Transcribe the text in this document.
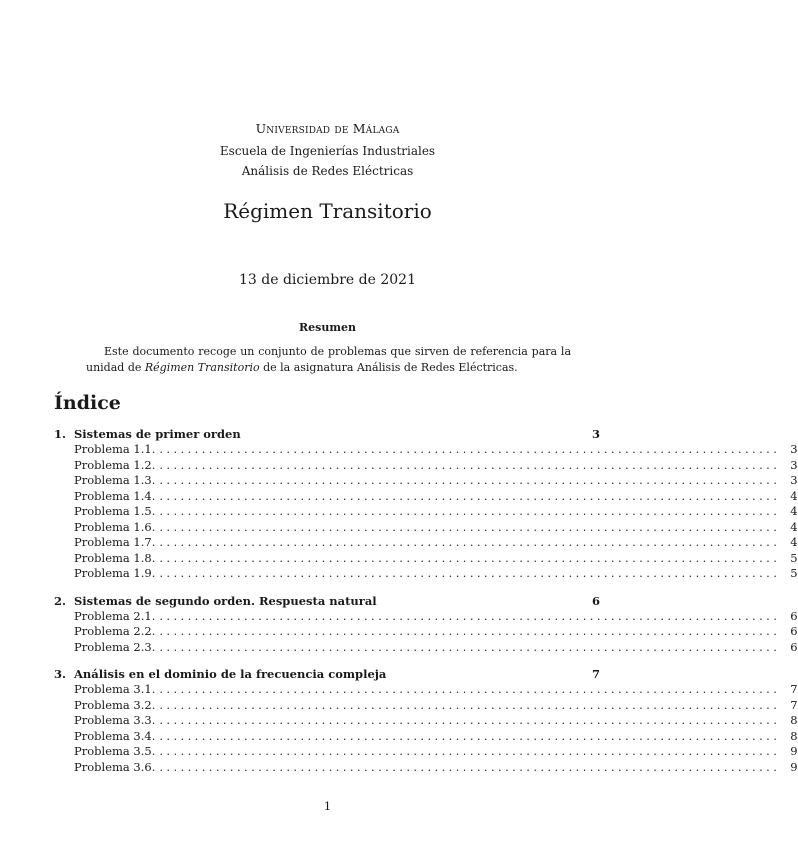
Universidad de Málaga
Escuela de Ingenierías Industriales
Análisis de Redes Eléctricas
Régimen Transitorio
13 de diciembre de 2021
Resumen
Este documento recoge un conjunto de problemas que sirven de referencia para la unidad de Régimen Transitorio de la asignatura Análisis de Redes Eléctricas.
Índice
1. Sistemas de primer orden	3
Problema 1.1. ........................................................................................ 3
Problema 1.2. ........................................................................................ 3
Problema 1.3. ........................................................................................ 3
Problema 1.4. ........................................................................................ 4
Problema 1.5. ........................................................................................ 4
Problema 1.6. ........................................................................................ 4
Problema 1.7. ........................................................................................ 4
Problema 1.8. ........................................................................................ 5
Problema 1.9. ........................................................................................ 5
2. Sistemas de segundo orden. Respuesta natural	6
Problema 2.1. ........................................................................................ 6
Problema 2.2. ........................................................................................ 6
Problema 2.3. ........................................................................................ 6
3. Análisis en el dominio de la frecuencia compleja	7
Problema 3.1. ........................................................................................ 7
Problema 3.2. ........................................................................................ 7
Problema 3.3. ........................................................................................ 8
Problema 3.4. ........................................................................................ 8
Problema 3.5. ........................................................................................ 9
Problema 3.6. ........................................................................................ 9
1
